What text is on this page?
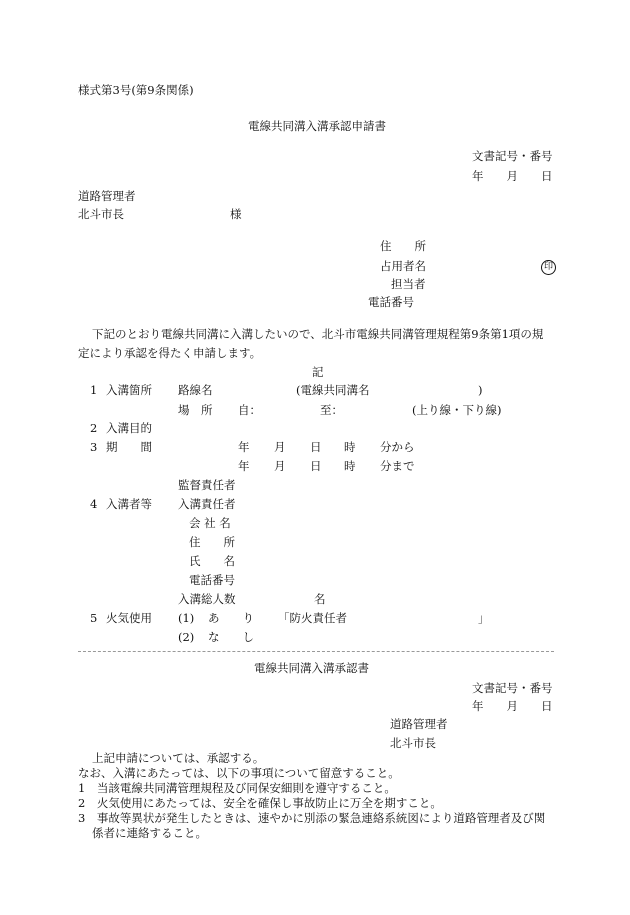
様式第3号(第9条関係)
電線共同溝入溝承認申請書
文書記号・番号
年　　月　　日
道路管理者
北斗市長	様
住　　所
占用者名	印
担当者
電話番号
下記のとおり電線共同溝に入溝したいので、北斗市電線共同溝管理規程第9条第1項の規
定により承認を得たく申請します。
記
1 入溝箇所 路線名	(電線共同溝名	)
場　所 自：	至：	(上り線・下り線)
2 入溝目的
3 期　　間	年 月 日 時 分から
年 月 日 時 分まで
監督責任者
4 入溝者等 入溝責任者
会 社 名
住　　所
氏　　名
電話番号
入溝総人数	名
5 火気使用 (1) あ　　り 「防火責任者	」
(2) な　　し
電線共同溝入溝承認書
文書記号・番号
年　　月　　日
道路管理者
北斗市長
上記申請については、承認する。
なお、入溝にあたっては、以下の事項について留意すること。
1　当該電線共同溝管理規程及び同保安細則を遵守すること。
2　火気使用にあたっては、安全を確保し事故防止に万全を期すこと。
3　事故等異状が発生したときは、速やかに別添の緊急連絡系統図により道路管理者及び関
係者に連絡すること。
